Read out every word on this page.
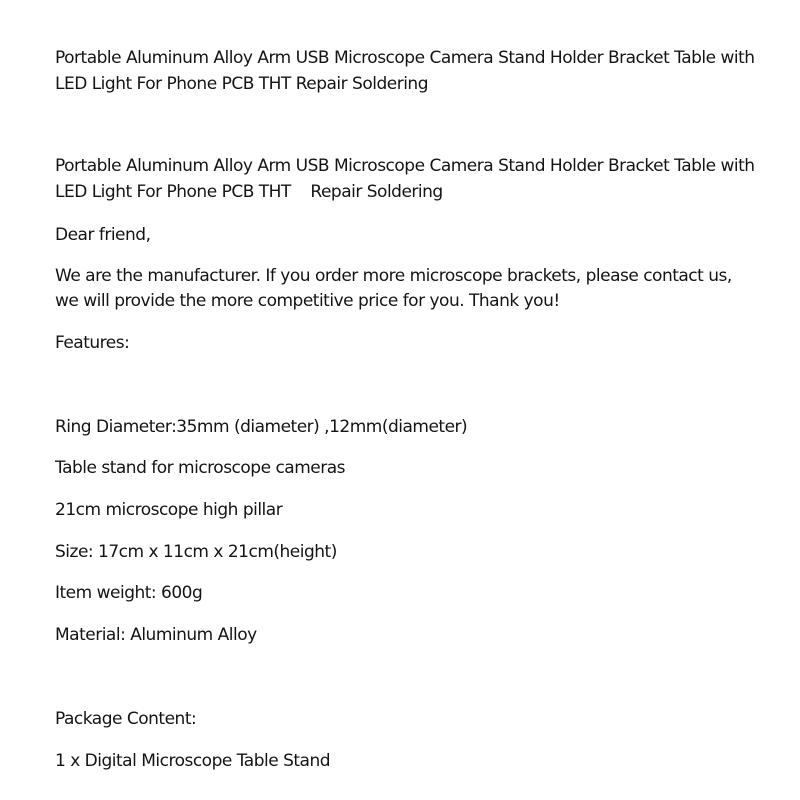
Portable Aluminum Alloy Arm USB Microscope Camera Stand Holder Bracket Table with
LED Light For Phone PCB THT Repair Soldering
Portable Aluminum Alloy Arm USB Microscope Camera Stand Holder Bracket Table with
LED Light For Phone PCB THT    Repair Soldering
Dear friend,
We are the manufacturer. If you order more microscope brackets, please contact us,
we will provide the more competitive price for you. Thank you!
Features:
Ring Diameter:35mm (diameter) ,12mm(diameter)
Table stand for microscope cameras
21cm microscope high pillar
Size: 17cm x 11cm x 21cm(height)
Item weight: 600g
Material: Aluminum Alloy
Package Content:
1 x Digital Microscope Table Stand
